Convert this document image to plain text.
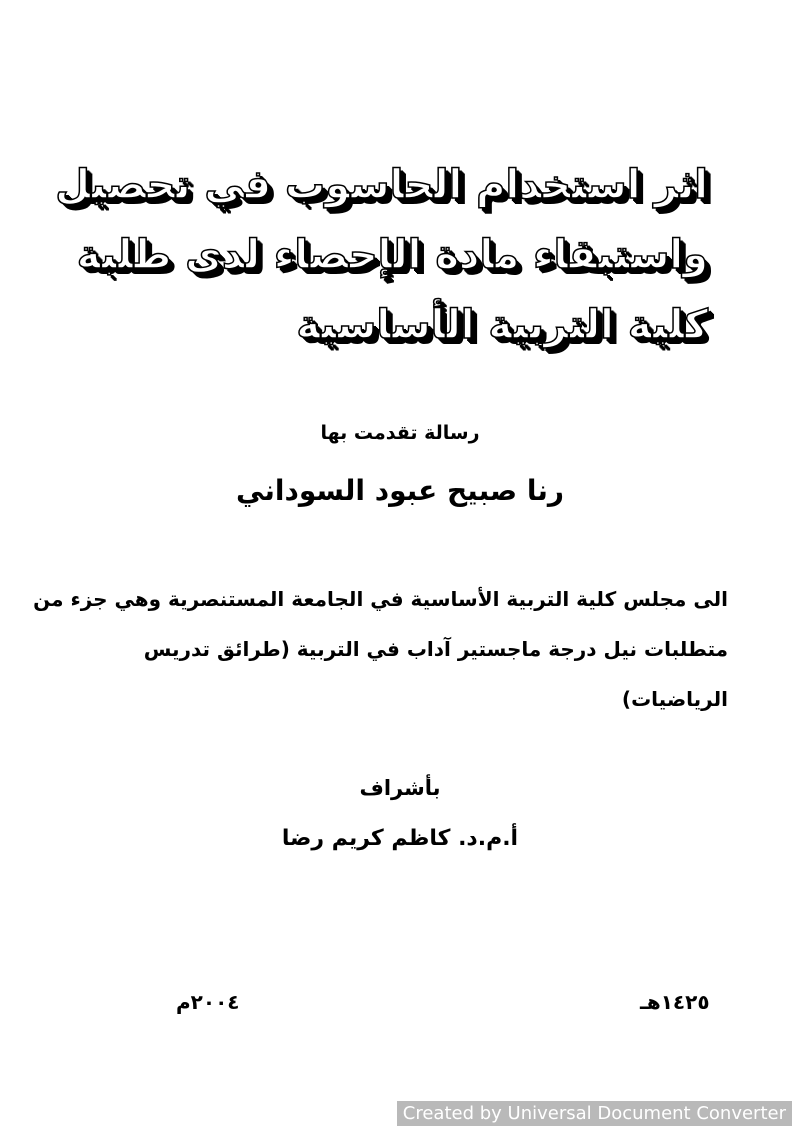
اثر استخدام الحاسوب في تحصيل
واستبقاء مادة الإحصاء لدى طلبة
كلية التربية الأساسية
رسالة تقدمت بها
رنا صبيح عبود السوداني
الى مجلس كلية التربية الأساسية في الجامعة المستنصرية وهي جزء من
متطلبات نيل درجة ماجستير آداب في التربية (طرائق تدريس
الرياضيات)
بأشراف
أ.م.د. كاظم كريم رضا
١٤٢٥هـ
٢٠٠٤م
Created by Universal Document Converter
